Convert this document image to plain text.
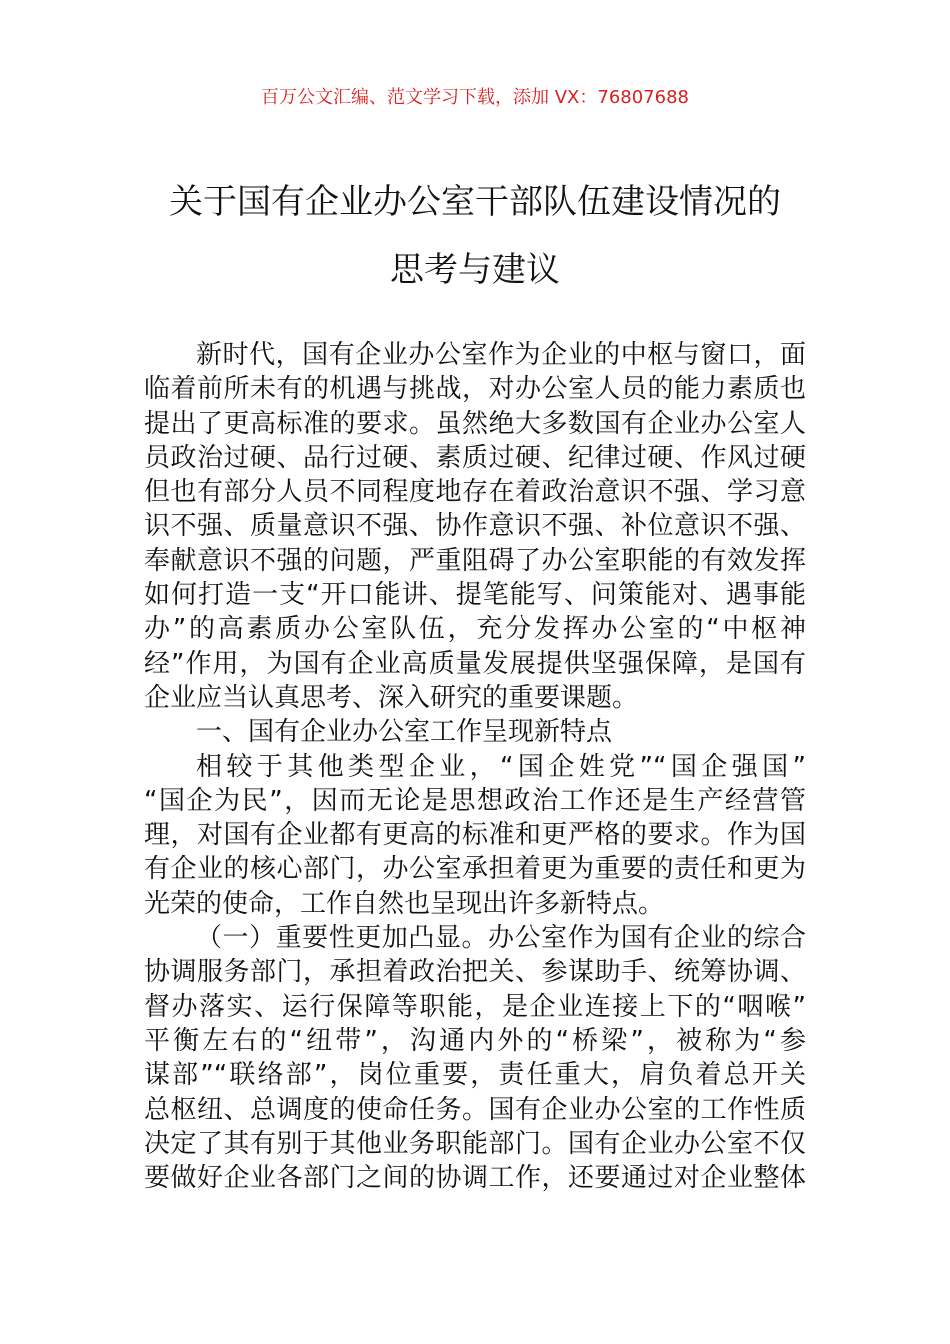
百万公文汇编、范文学习下载，添加 VX：76807688
关于国有企业办公室干部队伍建设情况的
思考与建议
新时代，国有企业办公室作为企业的中枢与窗口，面
临着前所未有的机遇与挑战，对办公室人员的能力素质也
提出了更高标准的要求。虽然绝大多数国有企业办公室人
员政治过硬、品行过硬、素质过硬、纪律过硬、作风过硬
但也有部分人员不同程度地存在着政治意识不强、学习意
识不强、质量意识不强、协作意识不强、补位意识不强、
奉献意识不强的问题，严重阻碍了办公室职能的有效发挥
如何打造一支“开口能讲、提笔能写、问策能对、遇事能
办”的高素质办公室队伍，充分发挥办公室的“中枢神
经”作用，为国有企业高质量发展提供坚强保障，是国有
企业应当认真思考、深入研究的重要课题。
一、国有企业办公室工作呈现新特点
相较于其他类型企业，“国企姓党”“国企强国”
“国企为民”，因而无论是思想政治工作还是生产经营管
理，对国有企业都有更高的标准和更严格的要求。作为国
有企业的核心部门，办公室承担着更为重要的责任和更为
光荣的使命，工作自然也呈现出许多新特点。
（一）重要性更加凸显。办公室作为国有企业的综合
协调服务部门，承担着政治把关、参谋助手、统筹协调、
督办落实、运行保障等职能，是企业连接上下的“咽喉”
平衡左右的“纽带”，沟通内外的“桥梁”，被称为“参
谋部”“联络部”，岗位重要，责任重大，肩负着总开关
总枢纽、总调度的使命任务。国有企业办公室的工作性质
决定了其有别于其他业务职能部门。国有企业办公室不仅
要做好企业各部门之间的协调工作，还要通过对企业整体
